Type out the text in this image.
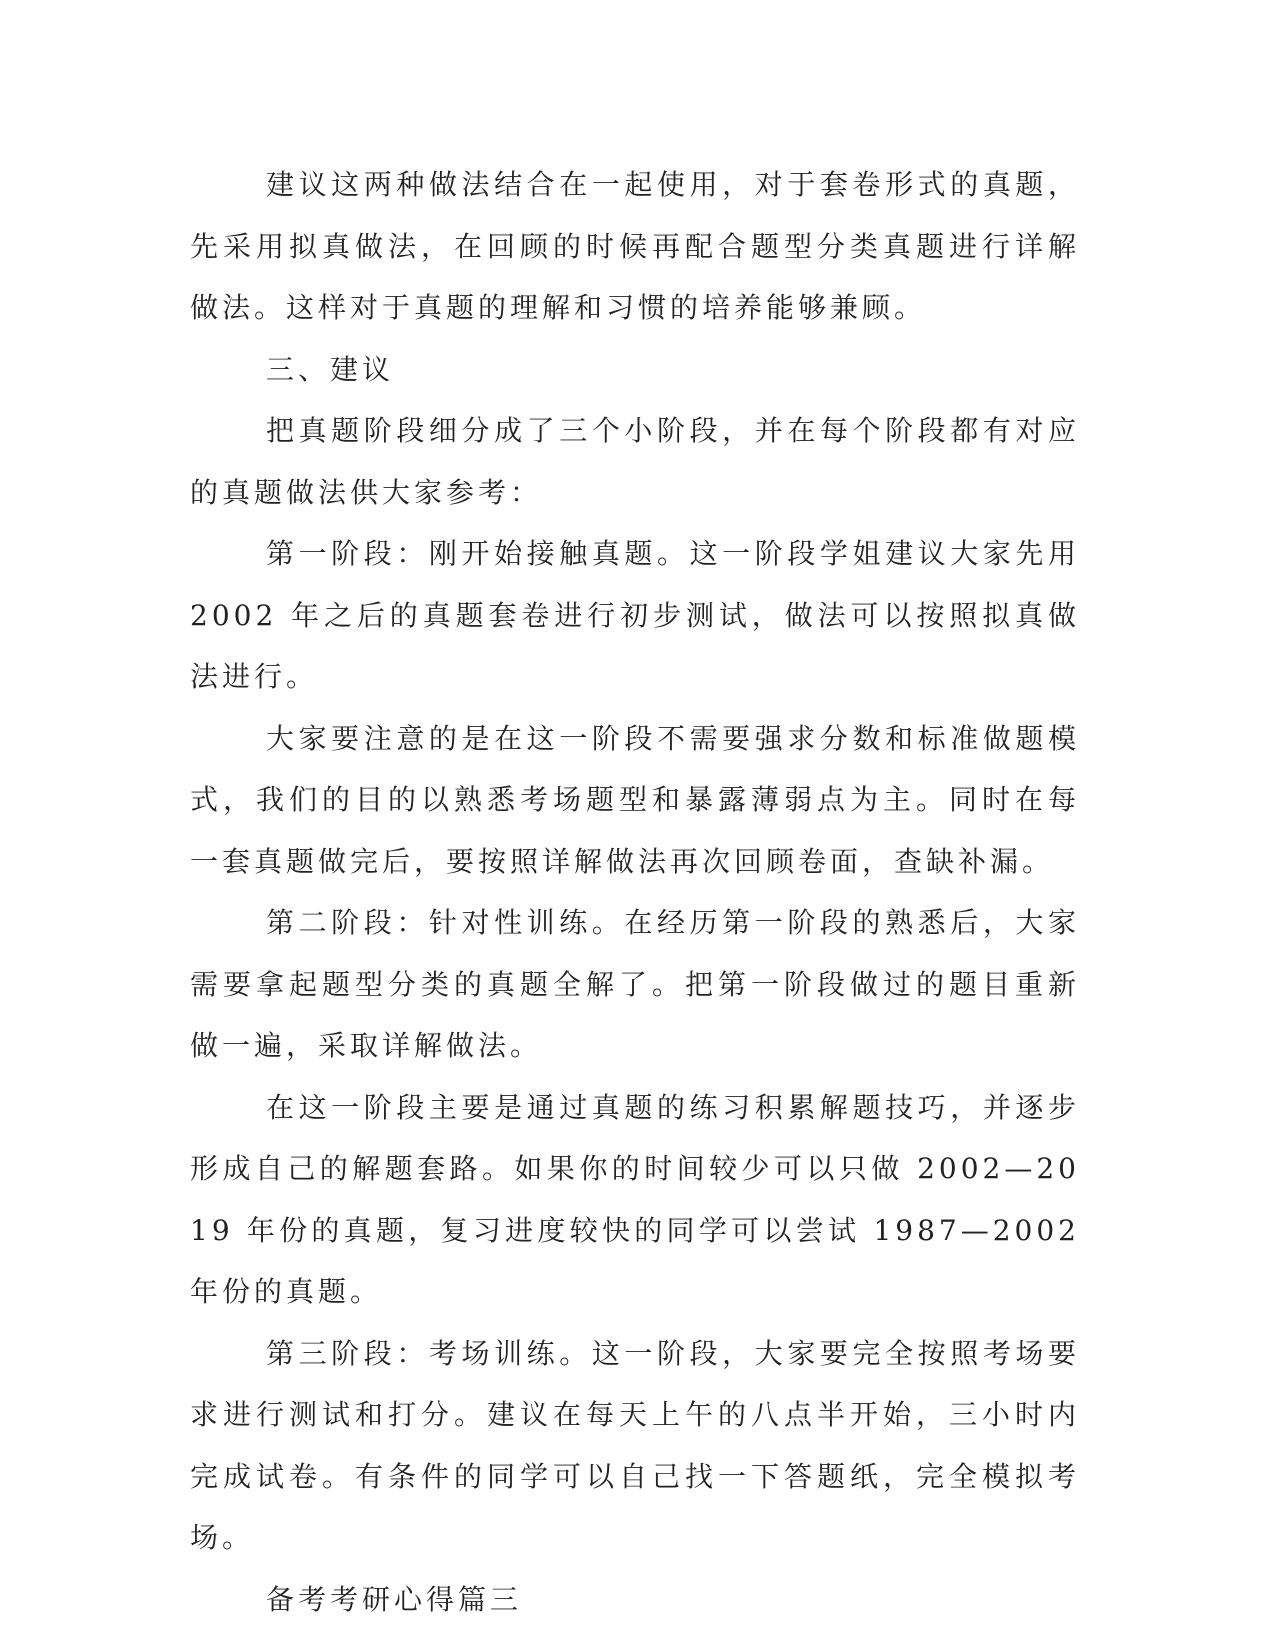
建议这两种做法结合在一起使用，对于套卷形式的真题，先采用拟真做法，在回顾的时候再配合题型分类真题进行详解做法。这样对于真题的理解和习惯的培养能够兼顾。

三、建议

把真题阶段细分成了三个小阶段，并在每个阶段都有对应的真题做法供大家参考：

第一阶段：刚开始接触真题。这一阶段学姐建议大家先用 2002 年之后的真题套卷进行初步测试，做法可以按照拟真做法进行。

大家要注意的是在这一阶段不需要强求分数和标准做题模式，我们的目的以熟悉考场题型和暴露薄弱点为主。同时在每一套真题做完后，要按照详解做法再次回顾卷面，查缺补漏。

第二阶段：针对性训练。在经历第一阶段的熟悉后，大家需要拿起题型分类的真题全解了。把第一阶段做过的题目重新做一遍，采取详解做法。

在这一阶段主要是通过真题的练习积累解题技巧，并逐步形成自己的解题套路。如果你的时间较少可以只做 2002—2019 年份的真题，复习进度较快的同学可以尝试 1987—2002 年份的真题。

第三阶段：考场训练。这一阶段，大家要完全按照考场要求进行测试和打分。建议在每天上午的八点半开始，三小时内完成试卷。有条件的同学可以自己找一下答题纸，完全模拟考场。

备考考研心得篇三
